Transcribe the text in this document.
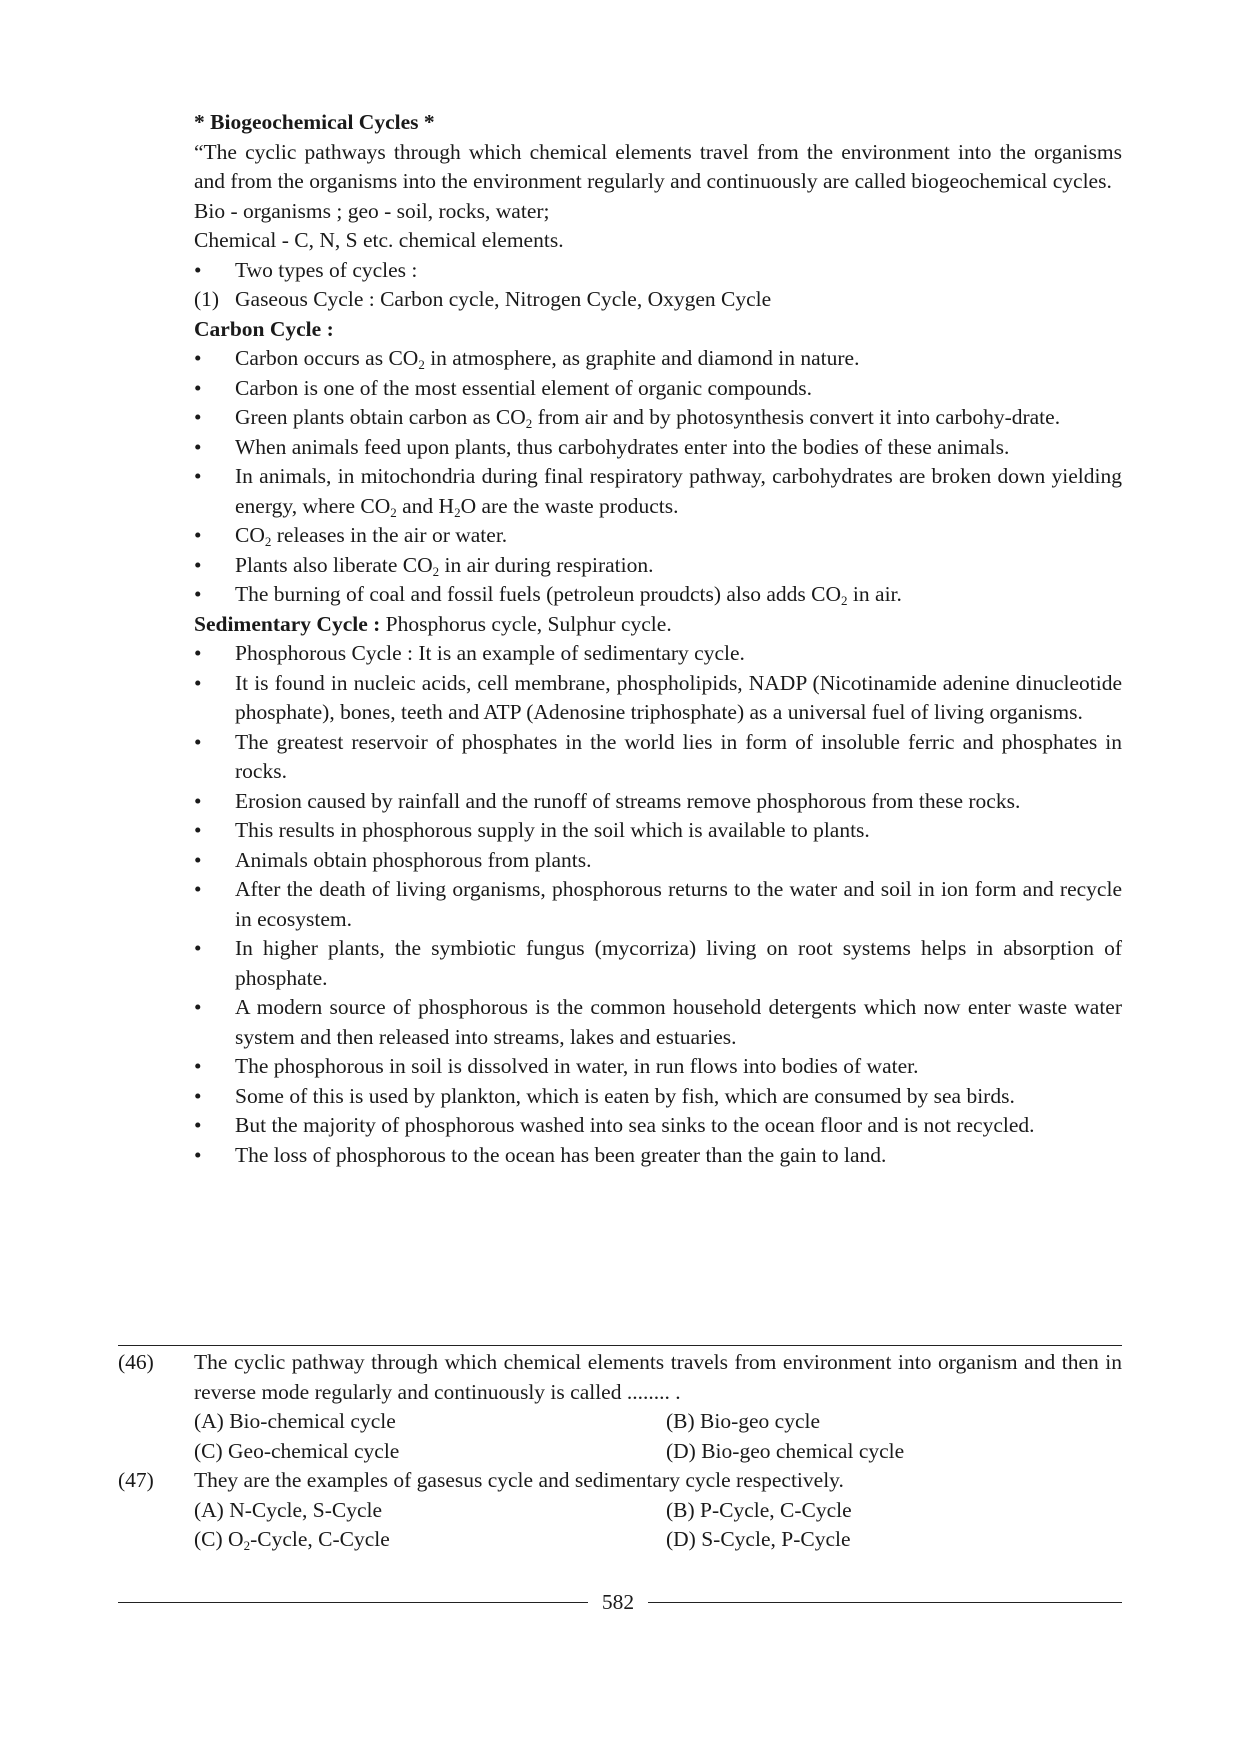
* Biogeochemical Cycles *

“The cyclic pathways through which chemical elements travel from the environment into the organisms and from the organisms into the environment regularly and continuously are called biogeochemical cycles.

Bio - organisms ; geo - soil, rocks, water;

Chemical - C, N, S etc. chemical elements.

• Two types of cycles :
(1) Gaseous Cycle : Carbon cycle, Nitrogen Cycle, Oxygen Cycle

Carbon Cycle :

• Carbon occurs as $CO_2$ in atmosphere, as graphite and diamond in nature.
• Carbon is one of the most essential element of organic compounds.
• Green plants obtain carbon as $CO_2$ from air and by photosynthesis convert it into carbohy-drate.
• When animals feed upon plants, thus carbohydrates enter into the bodies of these animals.
• In animals, in mitochondria during final respiratory pathway, carbohydrates are broken down yielding energy, where $CO_2$ and $H_2O$ are the waste products.
• $CO_2$ releases in the air or water.
• Plants also liberate $CO_2$ in air during respiration.
• The burning of coal and fossil fuels (petroleun proudcts) also adds $CO_2$ in air.

Sedimentary Cycle : Phosphorus cycle, Sulphur cycle.

• Phosphorous Cycle : It is an example of sedimentary cycle.
• It is found in nucleic acids, cell membrane, phospholipids, NADP (Nicotinamide adenine dinucleotide phosphate), bones, teeth and ATP (Adenosine triphosphate) as a universal fuel of living organisms.
• The greatest reservoir of phosphates in the world lies in form of insoluble ferric and phosphates in rocks.
• Erosion caused by rainfall and the runoff of streams remove phosphorous from these rocks.
• This results in phosphorous supply in the soil which is available to plants.
• Animals obtain phosphorous from plants.
• After the death of living organisms, phosphorous returns to the water and soil in ion form and recycle in ecosystem.
• In higher plants, the symbiotic fungus (mycorriza) living on root systems helps in absorption of phosphate.
• A modern source of phosphorous is the common household detergents which now enter waste water system and then released into streams, lakes and estuaries.
• The phosphorous in soil is dissolved in water, in run flows into bodies of water.
• Some of this is used by plankton, which is eaten by fish, which are consumed by sea birds.
• But the majority of phosphorous washed into sea sinks to the ocean floor and is not recycled.
• The loss of phosphorous to the ocean has been greater than the gain to land.
(46) The cyclic pathway through which chemical elements travels from environment into organism and then in reverse mode regularly and continuously is called ........ .

(A) Bio-chemical cycle	(B) Bio-geo cycle
(C) Geo-chemical cycle	(D) Bio-geo chemical cycle
(47) They are the examples of gasesus cycle and sedimentary cycle respectively.

(A) N-Cycle, S-Cycle	(B) P-Cycle, C-Cycle
(C) $O_2$-Cycle, C-Cycle	(D) S-Cycle, P-Cycle
582
